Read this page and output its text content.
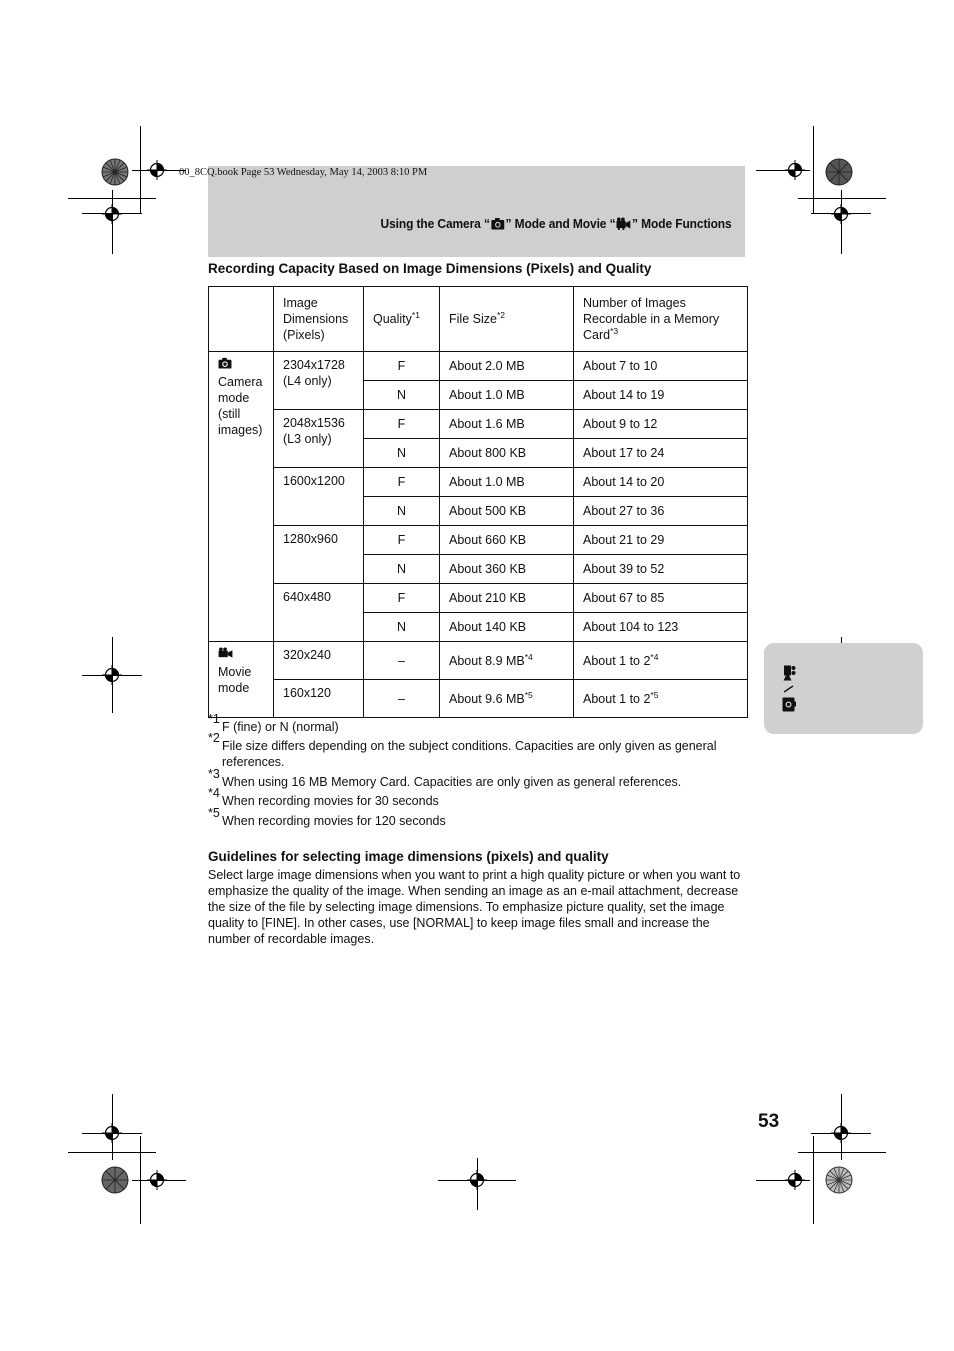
00_8CQ.book Page 53 Wednesday, May 14, 2003 8:10 PM
Using the Camera “ ” Mode and Movie “ ” Mode Functions
Recording Capacity Based on Image Dimensions (Pixels) and Quality
	Image Dimensions (Pixels)	Quality$^{*1}$	File Size$^{*2}$	Number of Images Recordable in a Memory Card$^{*3}$

Camera mode (still images)	2304x1728 (L4 only)	F	About 2.0 MB	About 7 to 10
		N	About 1.0 MB	About 14 to 19
	2048x1536 (L3 only)	F	About 1.6 MB	About 9 to 12
		N	About 800 KB	About 17 to 24
	1600x1200	F	About 1.0 MB	About 14 to 20
		N	About 500 KB	About 27 to 36
	1280x960	F	About 660 KB	About 21 to 29
		N	About 360 KB	About 39 to 52
	640x480	F	About 210 KB	About 67 to 85
		N	About 140 KB	About 104 to 123

Movie mode	320x240	–	About 8.9 MB$^{*4}$	About 1 to 2$^{*4}$
	160x120	–	About 9.6 MB$^{*5}$	About 1 to 2$^{*5}$
*1
F (fine) or N (normal)
*2
File size differs depending on the subject conditions. Capacities are only given as general references.
*3
When using 16 MB Memory Card. Capacities are only given as general references.
*4
When recording movies for 30 seconds
*5
When recording movies for 120 seconds
Guidelines for selecting image dimensions (pixels) and quality
Select large image dimensions when you want to print a high quality picture or when you want to emphasize the quality of the image. When sending an image as an e-mail attachment, decrease the size of the file by selecting image dimensions. To emphasize picture quality, set the image quality to [FINE]. In other cases, use [NORMAL] to keep image files small and increase the number of recordable images.
53
